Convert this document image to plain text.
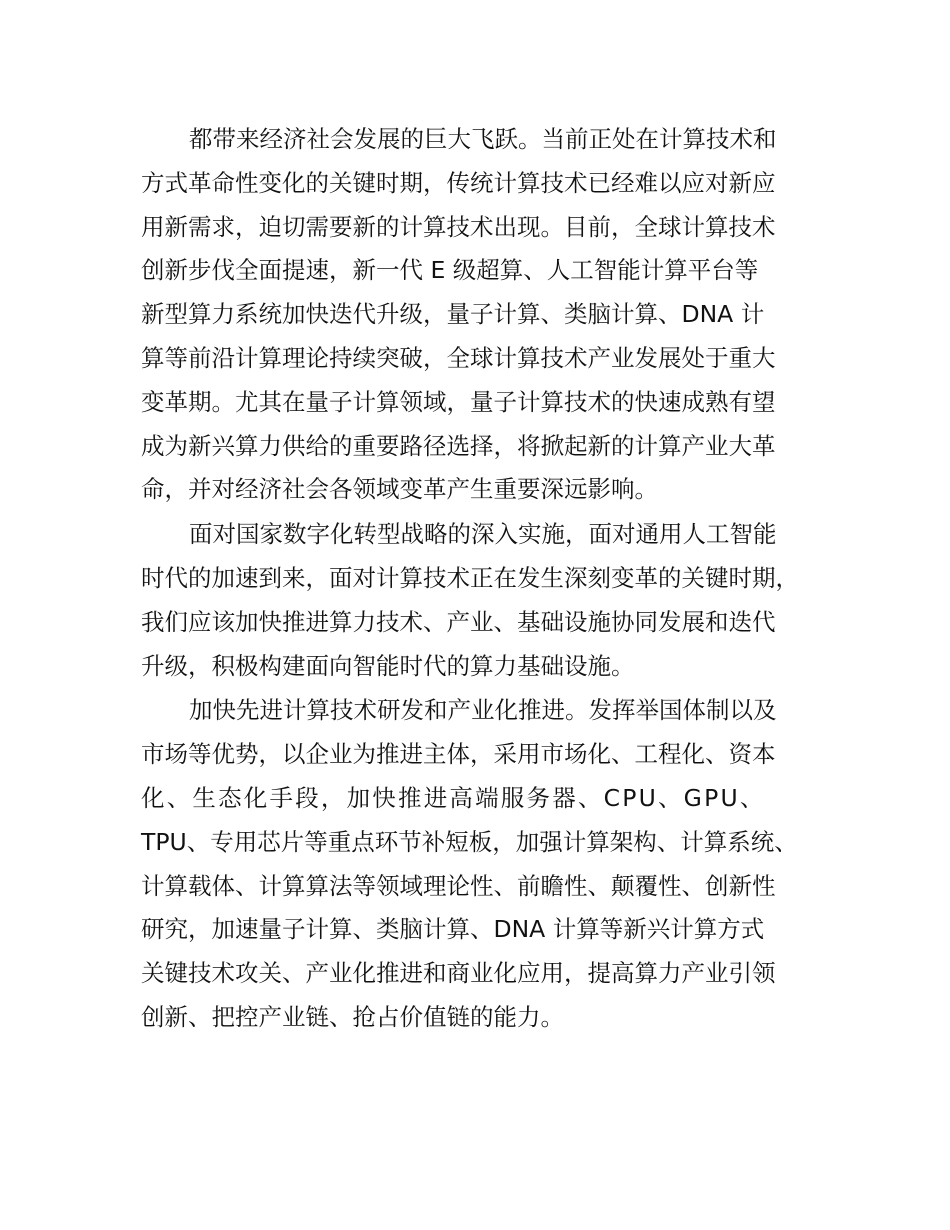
都带来经济社会发展的巨大飞跃。当前正处在计算技术和
方式革命性变化的关键时期，传统计算技术已经难以应对新应
用新需求，迫切需要新的计算技术出现。目前，全球计算技术
创新步伐全面提速，新一代 E 级超算、人工智能计算平台等
新型算力系统加快迭代升级，量子计算、类脑计算、DNA 计
算等前沿计算理论持续突破，全球计算技术产业发展处于重大
变革期。尤其在量子计算领域，量子计算技术的快速成熟有望
成为新兴算力供给的重要路径选择，将掀起新的计算产业大革
命，并对经济社会各领域变革产生重要深远影响。
面对国家数字化转型战略的深入实施，面对通用人工智能
时代的加速到来，面对计算技术正在发生深刻变革的关键时期，
我们应该加快推进算力技术、产业、基础设施协同发展和迭代
升级，积极构建面向智能时代的算力基础设施。
加快先进计算技术研发和产业化推进。发挥举国体制以及
市场等优势，以企业为推进主体，采用市场化、工程化、资本
化、生态化手段，加快推进高端服务器、CPU、GPU、
TPU、专用芯片等重点环节补短板，加强计算架构、计算系统、
计算载体、计算算法等领域理论性、前瞻性、颠覆性、创新性
研究，加速量子计算、类脑计算、DNA 计算等新兴计算方式
关键技术攻关、产业化推进和商业化应用，提高算力产业引领
创新、把控产业链、抢占价值链的能力。
